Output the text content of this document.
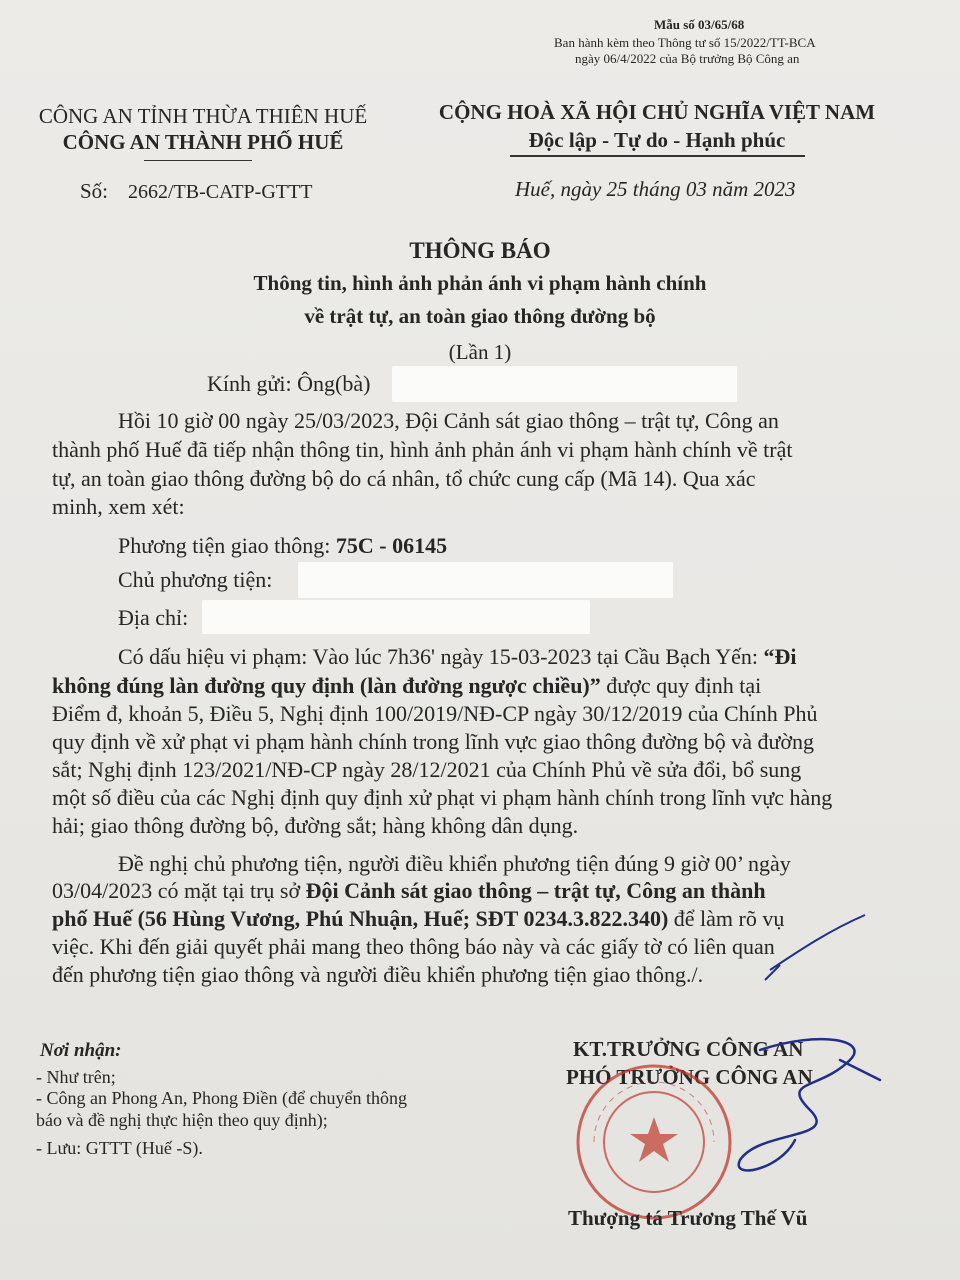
Mẫu số 03/65/68
Ban hành kèm theo Thông tư số 15/2022/TT-BCA
ngày 06/4/2022 của Bộ trưởng Bộ Công an
CÔNG AN TỈNH THỪA THIÊN HUẾ
CÔNG AN THÀNH PHỐ HUẾ
Số: 2662/TB-CATP-GTTT
CỘNG HOÀ XÃ HỘI CHỦ NGHĨA VIỆT NAM
Độc lập - Tự do - Hạnh phúc
Huế, ngày 25 tháng 03 năm 2023
THÔNG BÁO
Thông tin, hình ảnh phản ánh vi phạm hành chính
về trật tự, an toàn giao thông đường bộ
(Lần 1)
Kính gửi: Ông(bà)
Hồi 10 giờ 00 ngày 25/03/2023, Đội Cảnh sát giao thông – trật tự, Công an
thành phố Huế đã tiếp nhận thông tin, hình ảnh phản ánh vi phạm hành chính về trật
tự, an toàn giao thông đường bộ do cá nhân, tổ chức cung cấp (Mã 14). Qua xác
minh, xem xét:
Phương tiện giao thông: 75C - 06145
Chủ phương tiện:
Địa chỉ:
Có dấu hiệu vi phạm: Vào lúc 7h36' ngày 15-03-2023 tại Cầu Bạch Yến: “Đi
không đúng làn đường quy định (làn đường ngược chiều)” được quy định tại
Điểm đ, khoản 5, Điều 5, Nghị định 100/2019/NĐ-CP ngày 30/12/2019 của Chính Phủ
quy định về xử phạt vi phạm hành chính trong lĩnh vực giao thông đường bộ và đường
sắt; Nghị định 123/2021/NĐ-CP ngày 28/12/2021 của Chính Phủ về sửa đổi, bổ sung
một số điều của các Nghị định quy định xử phạt vi phạm hành chính trong lĩnh vực hàng
hải; giao thông đường bộ, đường sắt; hàng không dân dụng.
Đề nghị chủ phương tiện, người điều khiển phương tiện đúng 9 giờ 00’ ngày
03/04/2023 có mặt tại trụ sở Đội Cảnh sát giao thông – trật tự, Công an thành
phố Huế (56 Hùng Vương, Phú Nhuận, Huế; SĐT 0234.3.822.340) để làm rõ vụ
việc. Khi đến giải quyết phải mang theo thông báo này và các giấy tờ có liên quan
đến phương tiện giao thông và người điều khiển phương tiện giao thông./.
Nơi nhận:
- Như trên;
- Công an Phong An, Phong Điền (để chuyển thông
báo và đề nghị thực hiện theo quy định);
- Lưu: GTTT (Huế -S).
KT.TRƯỞNG CÔNG AN
PHÓ TRƯỞNG CÔNG AN
Thượng tá Trương Thế Vũ
